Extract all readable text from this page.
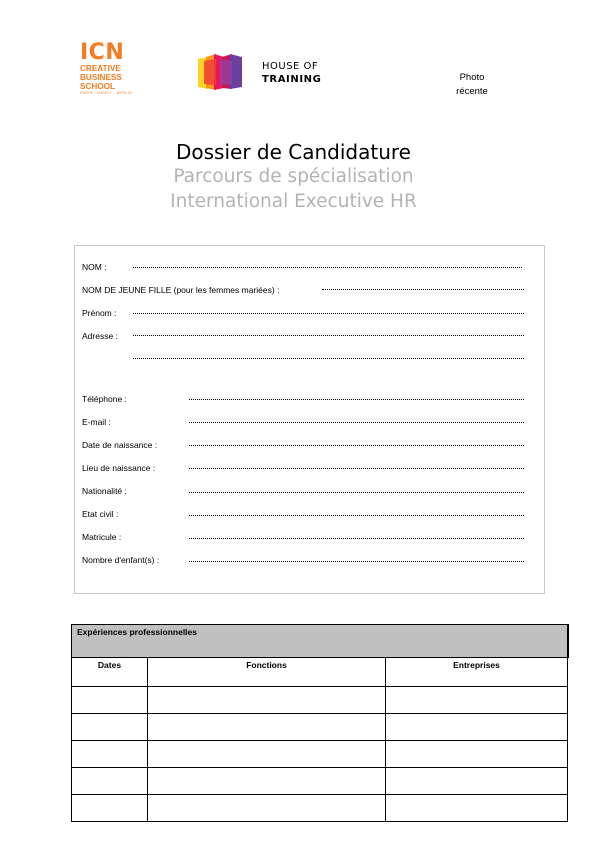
ICN
CREATIVE
BUSINESS
SCHOOL
PARIS · NANCY · BERLIN
HOUSE OF
TRAINING	Photo
récente
Dossier de Candidature
Parcours de spécialisation
International Executive HR
NOM :
NOM DE JEUNE FILLE (pour les femmes mariées) :
Prénom :
Adresse :
Téléphone :
E-mail :
Date de naissance :
Lieu de naissance :
Nationalité :
Etat civil :
Matricule :
Nombre d'enfant(s) :
Expériences professionnelles		
Dates	Fonctions	Entreprises
